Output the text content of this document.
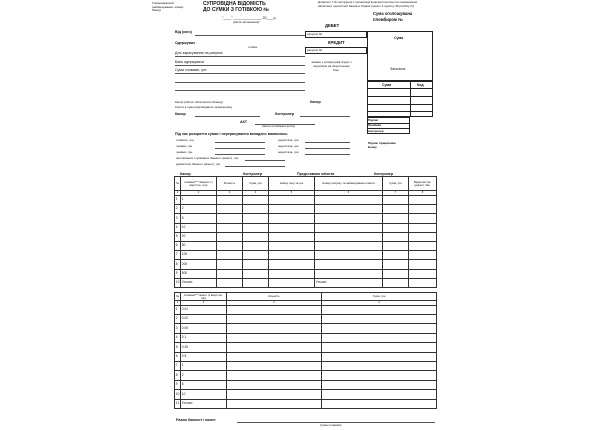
Уповноважений
(найменування, номер
банку)
СУПРОВІДНА ВІДОМІСТЬ
ДО СУМКИ З ГОТІВКОЮ №
"____" ______________ 20___ р.
(дата заповнення)
Додаток 7 до Інструкції з організації інкасації коштів та перевезення
валютних цінностей банків в Україні (пункт 4 пункту 40 розділу IV)
Сума оголошувана
пломбиром №
Від (кого)
Одержувач
готівки
Для зарахування на рахунок
Банк одержувача
Сума словами, грн.
ДЕБЕТ
рахунок №
КРЕДИТ
рахунок №
чеками з розрахунків згідно з
переліком на зворотньому
боці
Сума
Загальна
Сума	Код
Підпис
Прийняв
контролер
Касир (підпис підписаного бланку)	Касир
Кошти в сумці відповідають зазначеному
Касир	Контролер
Підпис працівника
Банку
АКТ
(дата складання акта)
Під час розкриття сумки і перерахування вкладень виявилось:
готівкою, грн.	недостача, грн.
чеками, грн.	недостача, грн.
чеками, грн.	недостача, грн.
неплатіжних і сумнівних банкнот (монет), грн.
дефектних банкнот (монет), грн.
Касир	Контролер	Представник клієнта	Контролер
№	Номінал*** банкнот (з вартістю, грн)	Кількість	Сума, грн	Номер чеку за грн	Номер рахунку та найменування клієнта	Сума, грн	Відметка про дефект. бан.
1	2	3	4	5	6	7	8
1	1						
2	2						
3	5						
4	10						
5	20						
6	50						
7	100						
8	200						
9	500						
10	Усього:				Усього:		
№	Номінал*** монет (з вартістю, грн)	Кількість	Сума, грн
1	2	3	4
1	0.01		
2	0.02		
3	0.05		
4	0.1		
5	0.25		
6	0.5		
7	1		
8	2		
9	5		
10	10		
11	Усього:		
Разом банкнот і монет
(сума словами)
